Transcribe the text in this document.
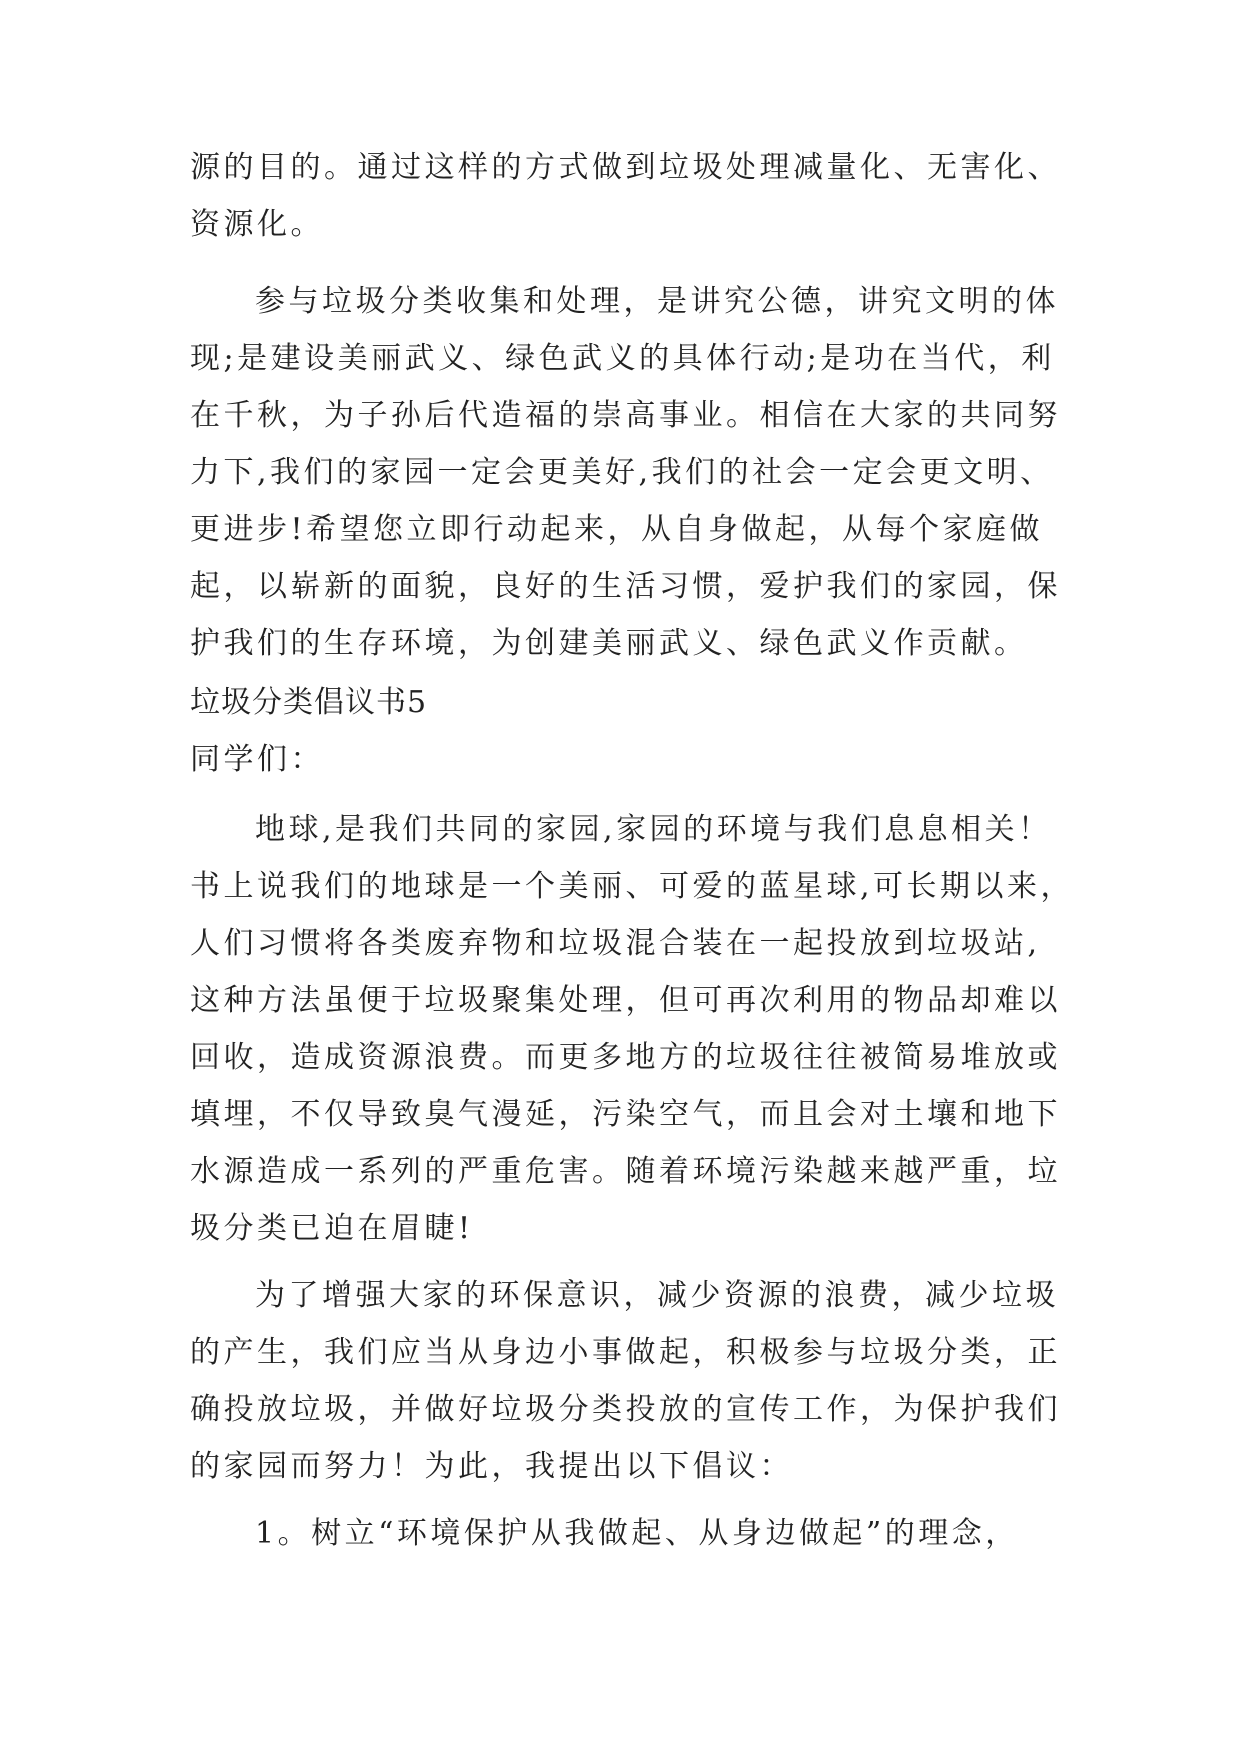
源的目的。通过这样的方式做到垃圾处理减量化、无害化、

资源化。

参与垃圾分类收集和处理，是讲究公德，讲究文明的体

现;是建设美丽武义、绿色武义的具体行动;是功在当代，利

在千秋，为子孙后代造福的崇高事业。相信在大家的共同努

力下,我们的家园一定会更美好,我们的社会一定会更文明、

更进步!希望您立即行动起来，从自身做起，从每个家庭做

起，以崭新的面貌，良好的生活习惯，爱护我们的家园，保

护我们的生存环境，为创建美丽武义、绿色武义作贡献。

垃圾分类倡议书5

同学们：

地球,是我们共同的家园,家园的环境与我们息息相关！

书上说我们的地球是一个美丽、可爱的蓝星球,可长期以来，

人们习惯将各类废弃物和垃圾混合装在一起投放到垃圾站,

这种方法虽便于垃圾聚集处理，但可再次利用的物品却难以

回收，造成资源浪费。而更多地方的垃圾往往被简易堆放或

填埋，不仅导致臭气漫延，污染空气，而且会对土壤和地下

水源造成一系列的严重危害。随着环境污染越来越严重，垃

圾分类已迫在眉睫!

为了增强大家的环保意识，减少资源的浪费，减少垃圾

的产生，我们应当从身边小事做起，积极参与垃圾分类，正

确投放垃圾，并做好垃圾分类投放的宣传工作，为保护我们

的家园而努力！为此，我提出以下倡议：

1。树立“环境保护从我做起、从身边做起”的理念，
